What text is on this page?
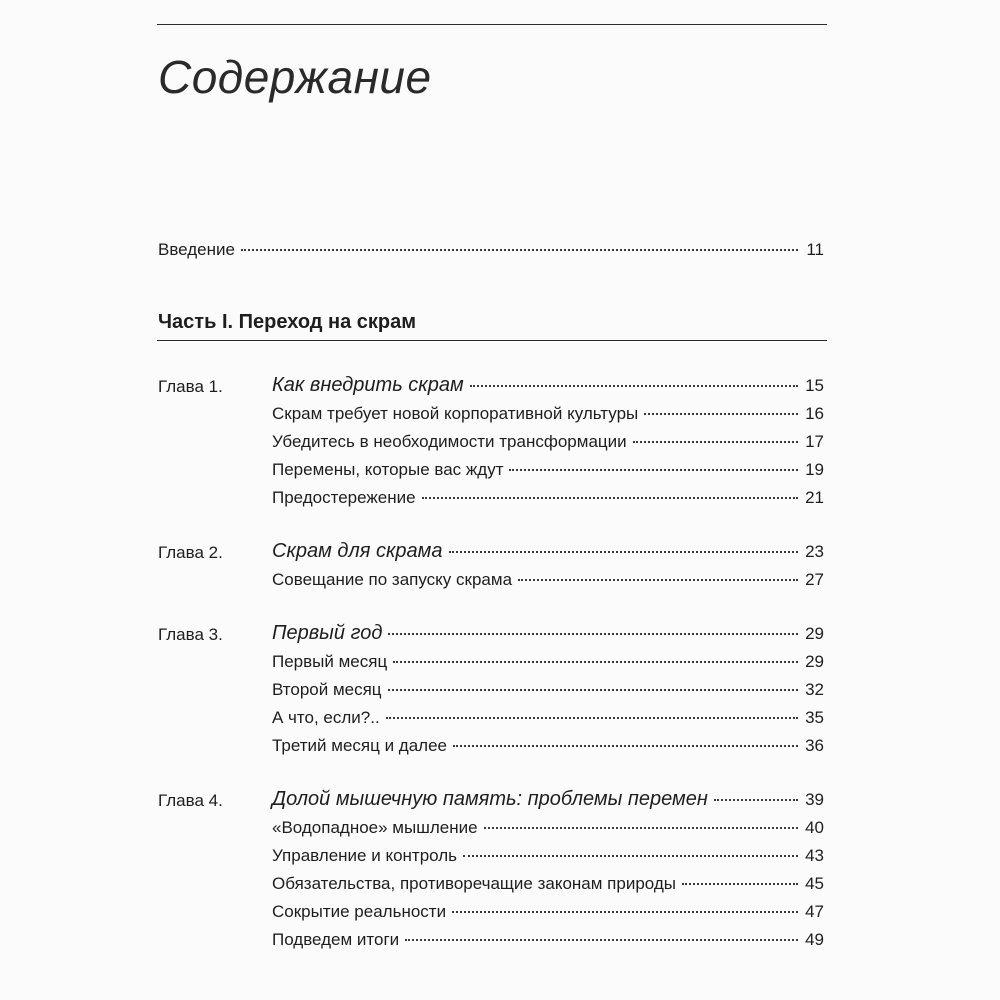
Содержание
Введение	11
Часть I. Переход на скрам
Глава 1. Как внедрить скрам	15
Скрам требует новой корпоративной культуры	16
Убедитесь в необходимости трансформации	17
Перемены, которые вас ждут	19
Предостережение	21
Глава 2. Скрам для скрама	23
Совещание по запуску скрама	27
Глава 3. Первый год	29
Первый месяц	29
Второй месяц	32
А что, если?..	35
Третий месяц и далее	36
Глава 4. Долой мышечную память: проблемы перемен	39
«Водопадное» мышление	40
Управление и контроль	43
Обязательства, противоречащие законам природы	45
Сокрытие реальности	47
Подведем итоги	49
